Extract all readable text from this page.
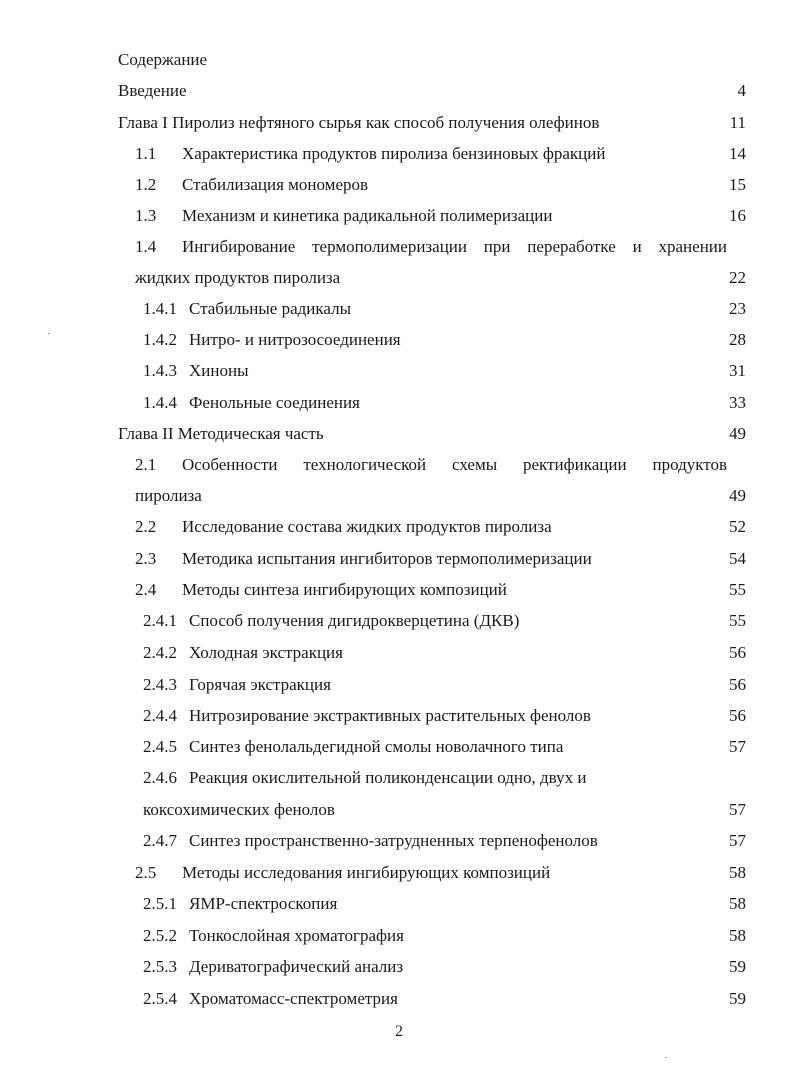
Содержание
Введение	4
Глава I Пиролиз нефтяного сырья как способ получения олефинов	11
1.1 Характеристика продуктов пиролиза бензиновых фракций	14
1.2 Стабилизация мономеров	15
1.3 Механизм и кинетика радикальной полимеризации	16
1.4 Ингибирование термополимеризации при переработке и хранении
жидких продуктов пиролиза	22
1.4.1 Стабильные радикалы	23
1.4.2 Нитро- и нитрозосоединения	28
1.4.3 Хиноны	31
1.4.4 Фенольные соединения	33
Глава II Методическая часть	49
2.1 Особенности технологической схемы ректификации продуктов
пиролиза	49
2.2 Исследование состава жидких продуктов пиролиза	52
2.3 Методика испытания ингибиторов термополимеризации	54
2.4 Методы синтеза ингибирующих композиций	55
2.4.1 Способ получения дигидрокверцетина (ДКВ)	55
2.4.2 Холодная экстракция	56
2.4.3 Горячая экстракция	56
2.4.4 Нитрозирование экстрактивных растительных фенолов	56
2.4.5 Синтез фенолальдегидной смолы новолачного типа	57
2.4.6 Реакция окислительной поликонденсации одно, двух и
коксохимических фенолов	57
2.4.7 Синтез пространственно-затрудненных терпенофенолов	57
2.5 Методы исследования ингибирующих композиций	58
2.5.1 ЯМР-спектроскопия	58
2.5.2 Тонкослойная хроматография	58
2.5.3 Дериватографический анализ	59
2.5.4 Хроматомасс-спектрометрия	59
2
